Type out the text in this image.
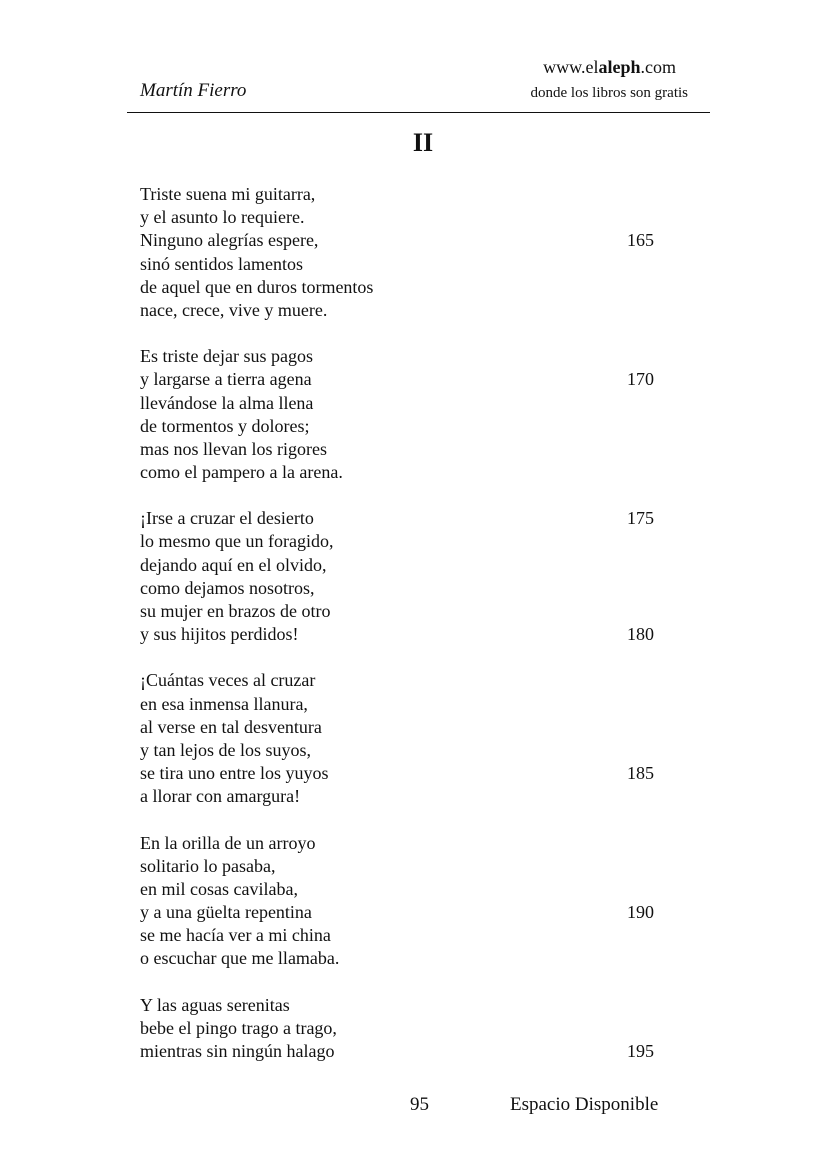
Martín Fierro
www.elaleph.com
donde los libros son gratis
II
Triste suena mi guitarra,
y el asunto lo requiere.
Ninguno alegrías espere,	165
sinó sentidos lamentos
de aquel que en duros tormentos
nace, crece, vive y muere.
Es triste dejar sus pagos
y largarse a tierra agena	170
llevándose la alma llena
de tormentos y dolores;
mas nos llevan los rigores
como el pampero a la arena.
¡Irse a cruzar el desierto	175
lo mesmo que un foragido,
dejando aquí en el olvido,
como dejamos nosotros,
su mujer en brazos de otro
y sus hijitos perdidos!	180
¡Cuántas veces al cruzar
en esa inmensa llanura,
al verse en tal desventura
y tan lejos de los suyos,
se tira uno entre los yuyos	185
a llorar con amargura!
En la orilla de un arroyo
solitario lo pasaba,
en mil cosas cavilaba,
y a una güelta repentina	190
se me hacía ver a mi china
o escuchar que me llamaba.
Y las aguas serenitas
bebe el pingo trago a trago,
mientras sin ningún halago	195
95	Espacio Disponible
